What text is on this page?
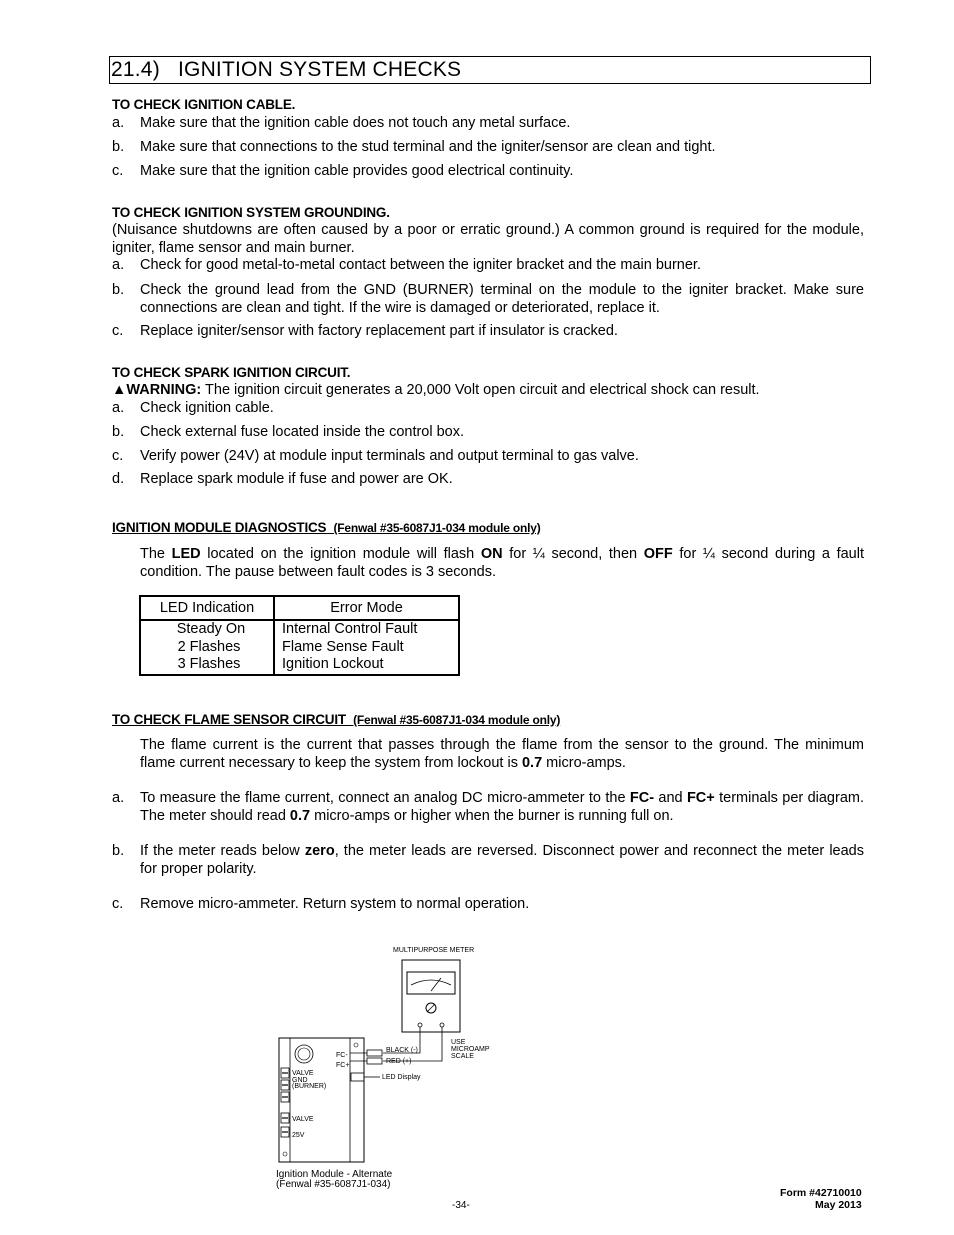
21.4) IGNITION SYSTEM CHECKS
TO CHECK IGNITION CABLE.
a. Make sure that the ignition cable does not touch any metal surface.
b. Make sure that connections to the stud terminal and the igniter/sensor are clean and tight.
c. Make sure that the ignition cable provides good electrical continuity.
TO CHECK IGNITION SYSTEM GROUNDING.
(Nuisance shutdowns are often caused by a poor or erratic ground.) A common ground is required for the module, igniter, flame sensor and main burner.
a. Check for good metal-to-metal contact between the igniter bracket and the main burner.
b. Check the ground lead from the GND (BURNER) terminal on the module to the igniter bracket. Make sure connections are clean and tight. If the wire is damaged or deteriorated, replace it.
c. Replace igniter/sensor with factory replacement part if insulator is cracked.
TO CHECK SPARK IGNITION CIRCUIT.
▲WARNING: The ignition circuit generates a 20,000 Volt open circuit and electrical shock can result.
a. Check ignition cable.
b. Check external fuse located inside the control box.
c. Verify power (24V) at module input terminals and output terminal to gas valve.
d. Replace spark module if fuse and power are OK.
IGNITION MODULE DIAGNOSTICS (Fenwal #35-6087J1-034 module only)
The LED located on the ignition module will flash ON for ¼ second, then OFF for ¼ second during a fault condition. The pause between fault codes is 3 seconds.
LED Indication	Error Mode
Steady On	Internal Control Fault
2 Flashes	Flame Sense Fault
3 Flashes	Ignition Lockout
TO CHECK FLAME SENSOR CIRCUIT (Fenwal #35-6087J1-034 module only)
The flame current is the current that passes through the flame from the sensor to the ground. The minimum flame current necessary to keep the system from lockout is 0.7 micro-amps.
a. To measure the flame current, connect an analog DC micro-ammeter to the FC- and FC+ terminals per diagram. The meter should read 0.7 micro-amps or higher when the burner is running full on.
b. If the meter reads below zero, the meter leads are reversed. Disconnect power and reconnect the meter leads for proper polarity.
c. Remove micro-ammeter. Return system to normal operation.
MULTIPURPOSE METER
USE
MICROAMP
SCALE
BLACK (-)
RED (+)
LED Display
FC-
FC+
VALVE
GND
(BURNER)
VALVE
25V
Ignition Module - Alternate
(Fenwal #35-6087J1-034)
-34-
Form #42710010
May 2013
